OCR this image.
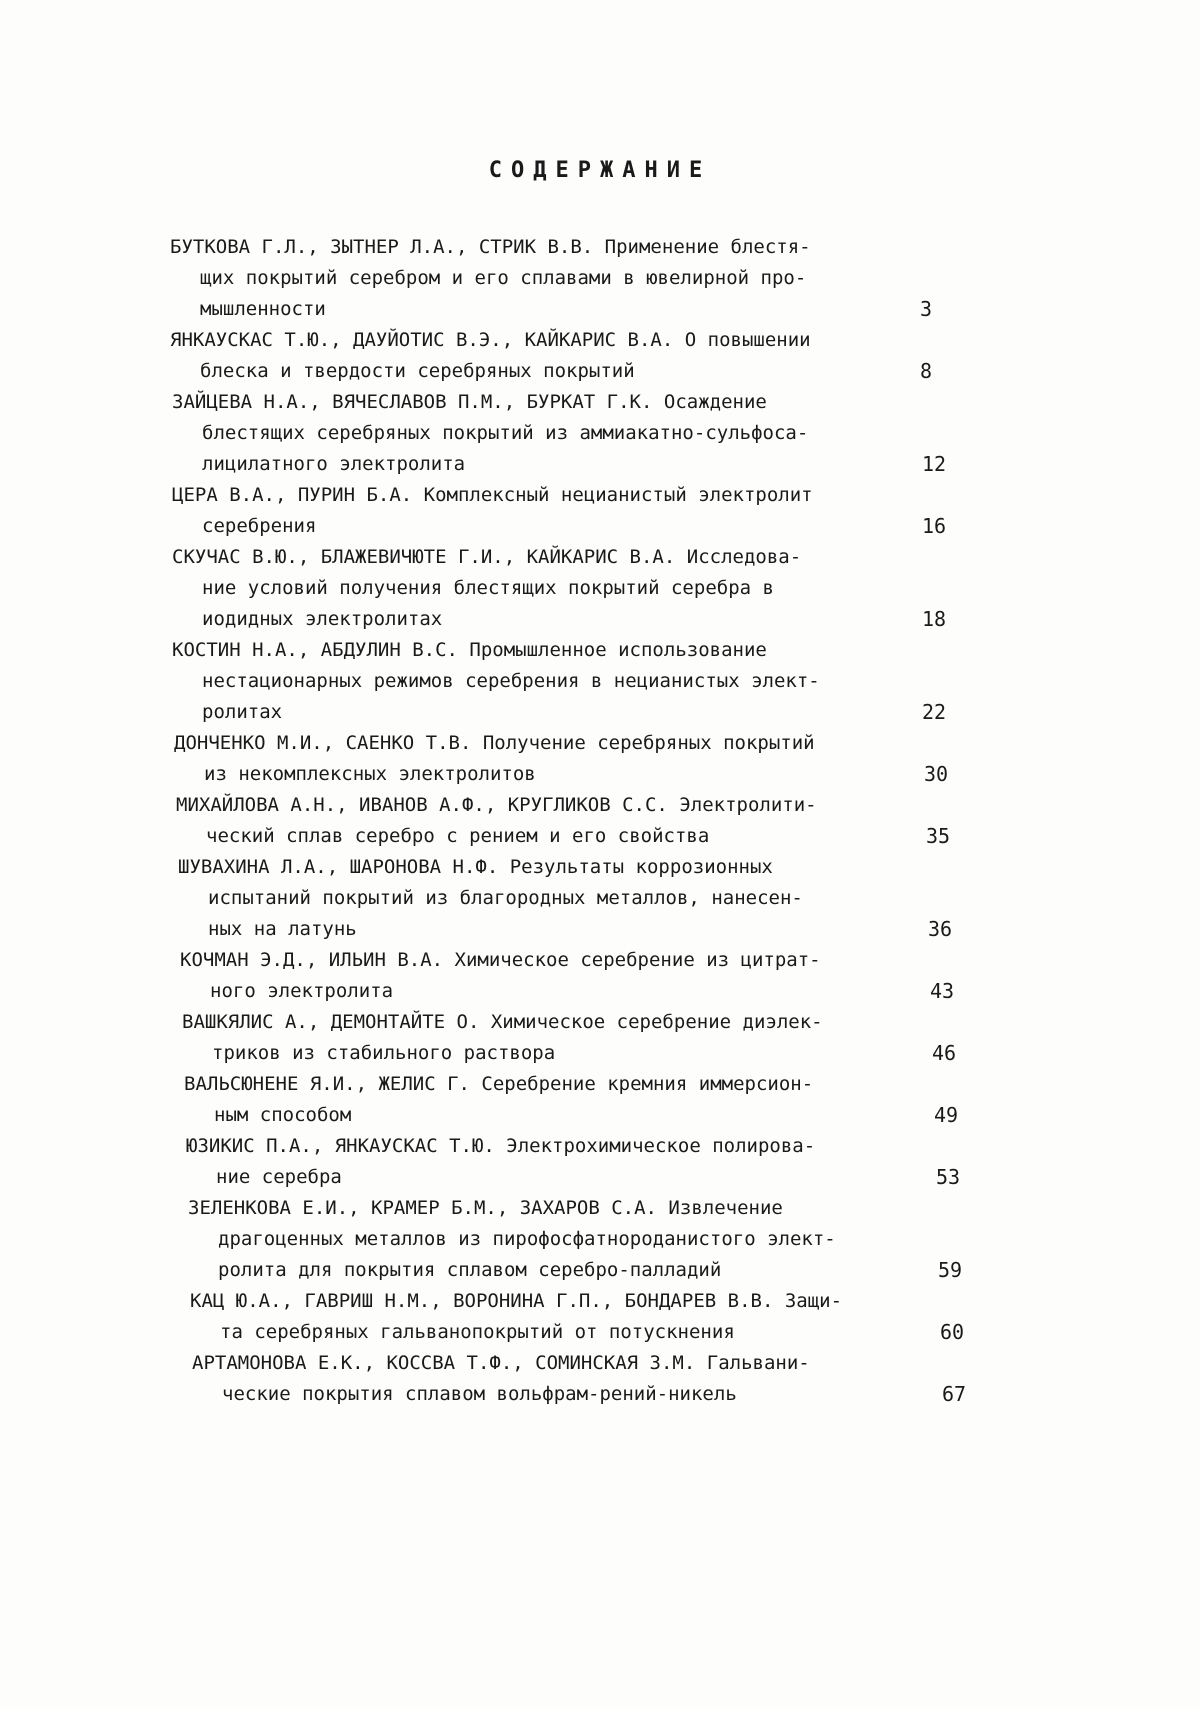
СОДЕРЖАНИЕ
БУТКОВА Г.Л., ЗЫТНЕР Л.А., СТРИК В.В. Применение блестя-
щих покрытий серебром и его сплавами в ювелирной про-
мышленности	3
ЯНКАУСКАС Т.Ю., ДАУЙОТИС В.Э., КАЙКАРИС В.А. О повышении
блеска и твердости серебряных покрытий	8
ЗАЙЦЕВА Н.А., ВЯЧЕСЛАВОВ П.М., БУРКАТ Г.К. Осаждение
блестящих серебряных покрытий из аммиакатно-сульфоса-
лицилатного электролита	12
ЦЕРА В.А., ПУРИН Б.А. Комплексный нецианистый электролит
серебрения	16
СКУЧАС В.Ю., БЛАЖЕВИЧЮТЕ Г.И., КАЙКАРИС В.А. Исследова-
ние условий получения блестящих покрытий серебра в
иодидных электролитах	18
КОСТИН Н.А., АБДУЛИН В.С. Промышленное использование
нестационарных режимов серебрения в нецианистых элект-
ролитах	22
ДОНЧЕНКО М.И., САЕНКО Т.В. Получение серебряных покрытий
из некомплексных электролитов	30
МИХАЙЛОВА А.Н., ИВАНОВ А.Ф., КРУГЛИКОВ С.С. Электролити-
ческий сплав серебро с рением и его свойства	35
ШУВАХИНА Л.А., ШАРОНОВА Н.Ф. Результаты коррозионных
испытаний покрытий из благородных металлов, нанесен-
ных на латунь	36
КОЧМАН Э.Д., ИЛЬИН В.А. Химическое серебрение из цитрат-
ного электролита	43
ВАШКЯЛИС А., ДЕМОНТАЙТЕ О. Химическое серебрение диэлек-
триков из стабильного раствора	46
ВАЛЬСЮНЕНЕ Я.И., ЖЕЛИС Г. Серебрение кремния иммерсион-
ным способом	49
ЮЗИКИС П.А., ЯНКАУСКАС Т.Ю. Электрохимическое полирова-
ние серебра	53
ЗЕЛЕНКОВА Е.И., КРАМЕР Б.М., ЗАХАРОВ С.А. Извлечение
драгоценных металлов из пирофосфатнороданистого элект-
ролита для покрытия сплавом серебро-палладий	59
КАЦ Ю.А., ГАВРИШ Н.М., ВОРОНИНА Г.П., БОНДАРЕВ В.В. Защи-
та серебряных гальванопокрытий от потускнения	60
АРТАМОНОВА Е.К., КОССВА Т.Ф., СОМИНСКАЯ З.М. Гальвани-
ческие покрытия сплавом вольфрам-рений-никель	67
